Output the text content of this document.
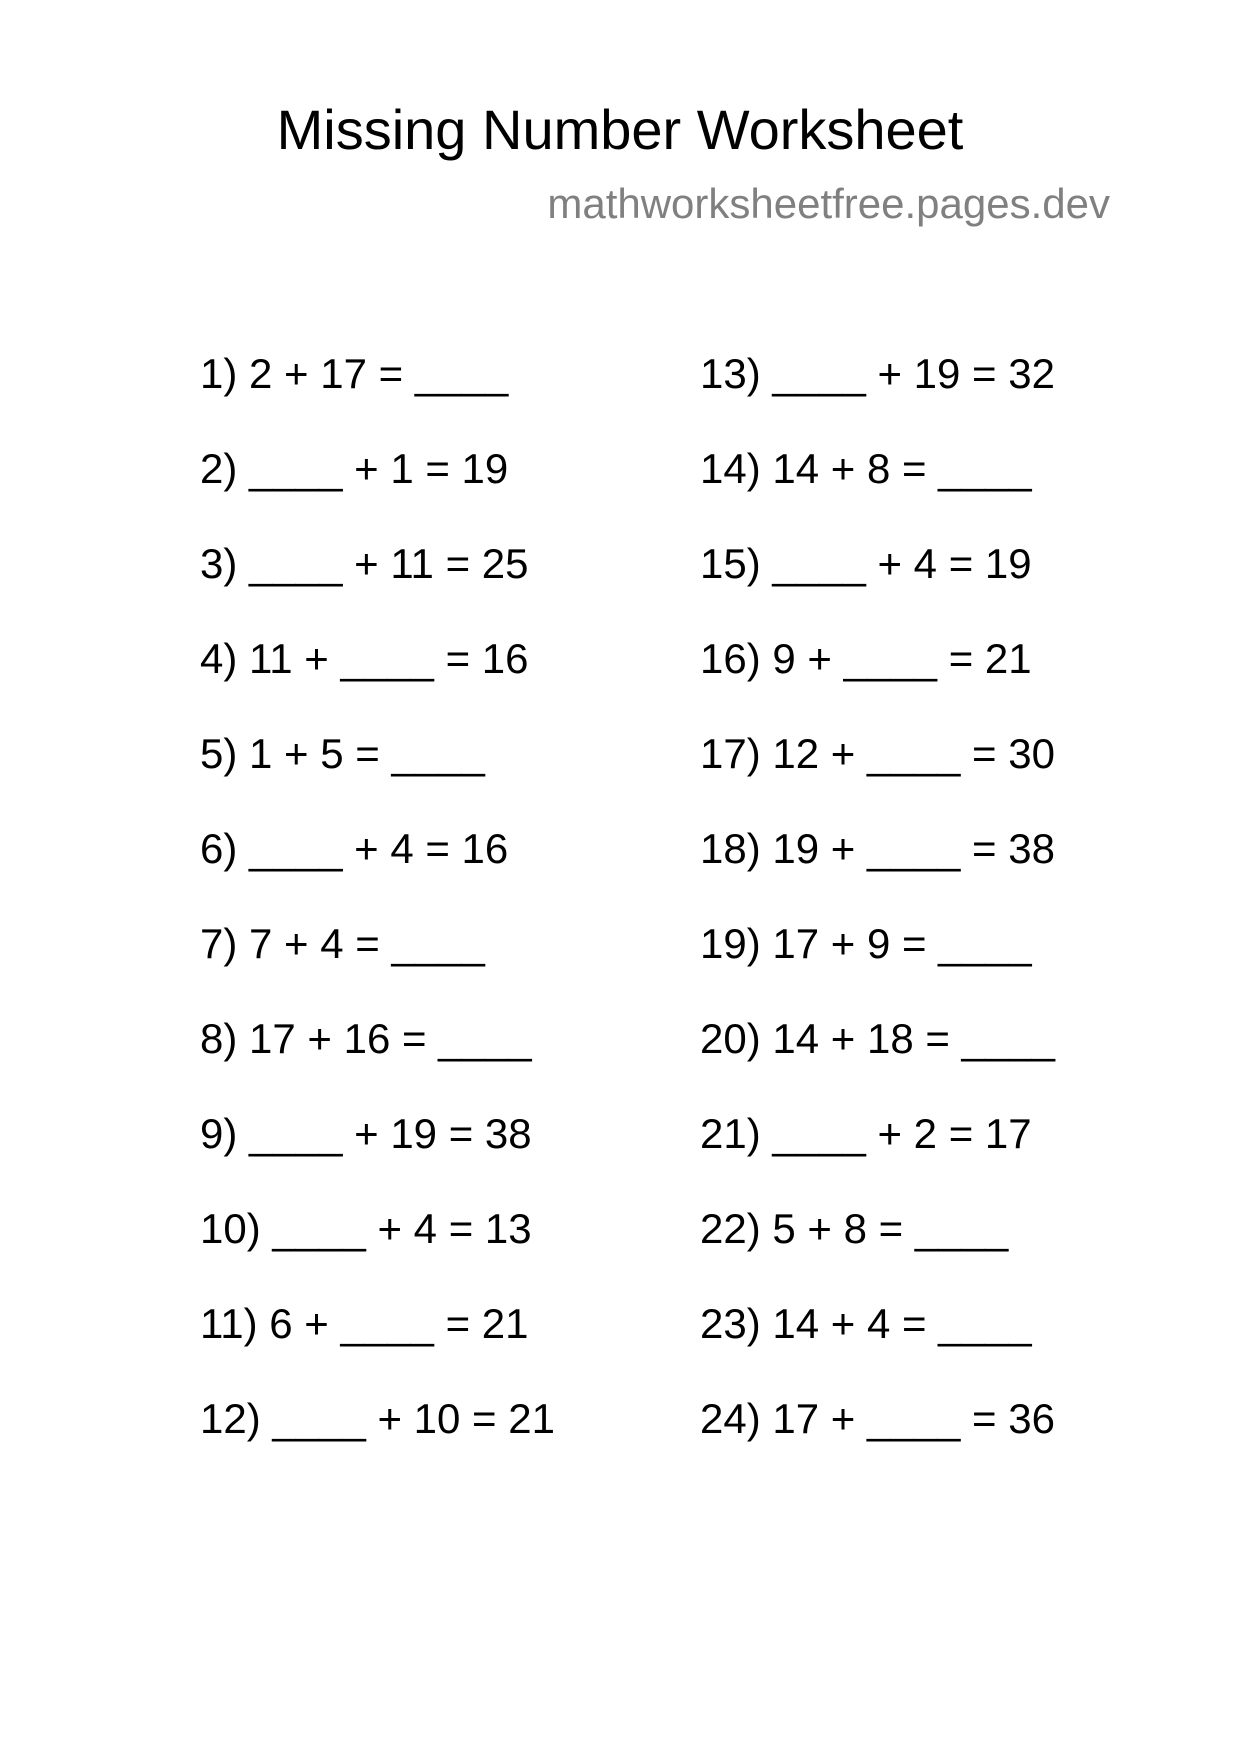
Missing Number Worksheet
mathworksheetfree.pages.dev
1) 2 + 17 = ____
2) ____ + 1 = 19
3) ____ + 11 = 25
4) 11 + ____ = 16
5) 1 + 5 = ____
6) ____ + 4 = 16
7) 7 + 4 = ____
8) 17 + 16 = ____
9) ____ + 19 = 38
10) ____ + 4 = 13
11) 6 + ____ = 21
12) ____ + 10 = 21
13) ____ + 19 = 32
14) 14 + 8 = ____
15) ____ + 4 = 19
16) 9 + ____ = 21
17) 12 + ____ = 30
18) 19 + ____ = 38
19) 17 + 9 = ____
20) 14 + 18 = ____
21) ____ + 2 = 17
22) 5 + 8 = ____
23) 14 + 4 = ____
24) 17 + ____ = 36
